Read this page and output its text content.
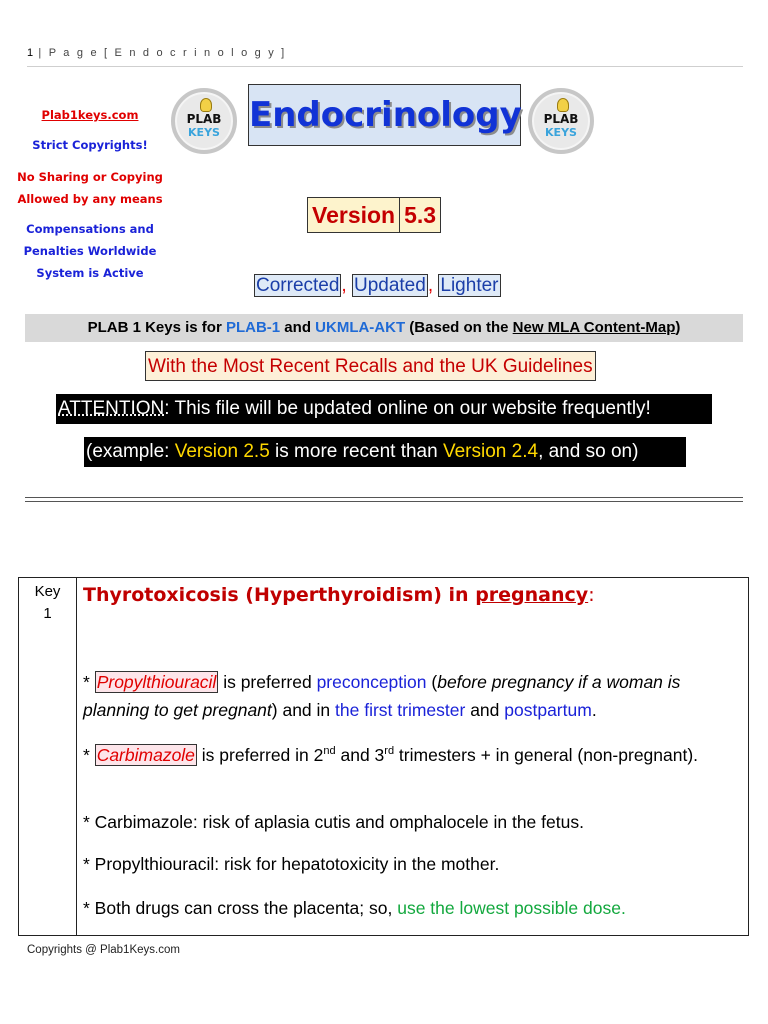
1 | P a g e [ E n d o c r i n o l o g y ]
Plab1keys.com
Strict Copyrights!
No Sharing or Copying
Allowed by any means
Compensations and
Penalties Worldwide
System is Active
PLAB
KEYS Endocrinology	PLAB
KEYS
Version 5.3
Corrected , Updated , Lighter
PLAB 1 Keys is for PLAB-1 and UKMLA-AKT (Based on the New MLA Content-Map)
With the Most Recent Recalls and the UK Guidelines
ATTENTION: This file will be updated online on our website frequently!
(example: Version 2.5 is more recent than Version 2.4, and so on)
Key
1
Thyrotoxicosis (Hyperthyroidism) in pregnancy:
* Propylthiouracil is preferred preconception (before pregnancy if a woman is planning to get pregnant) and in the first trimester and postpartum.
* Carbimazole is preferred in 2nd and 3rd trimesters + in general (non-pregnant).
* Carbimazole: risk of aplasia cutis and omphalocele in the fetus.
* Propylthiouracil: risk for hepatotoxicity in the mother.
* Both drugs can cross the placenta; so, use the lowest possible dose.
Copyrights @ Plab1Keys.com
